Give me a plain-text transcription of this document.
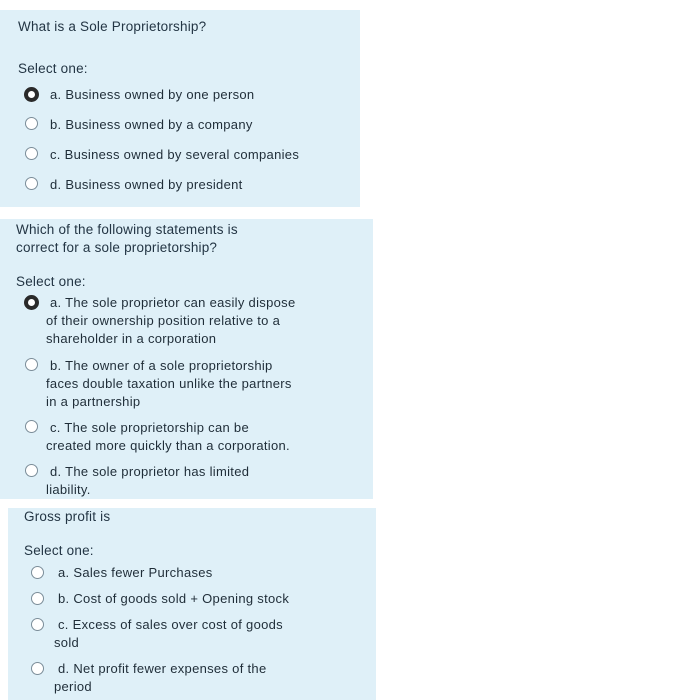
What is a Sole Proprietorship?
Select one:
a. Business owned by one person
b. Business owned by a company
c. Business owned by several companies
d. Business owned by president
Which of the following statements is
correct for a sole proprietorship?
Select one:
a. The sole proprietor can easily dispose
of their ownership position relative to a
shareholder in a corporation
b. The owner of a sole proprietorship
faces double taxation unlike the partners
in a partnership
c. The sole proprietorship can be
created more quickly than a corporation.
d. The sole proprietor has limited
liability.
Gross profit is
Select one:
a. Sales fewer Purchases
b. Cost of goods sold + Opening stock
c. Excess of sales over cost of goods
sold
d. Net profit fewer expenses of the
period
